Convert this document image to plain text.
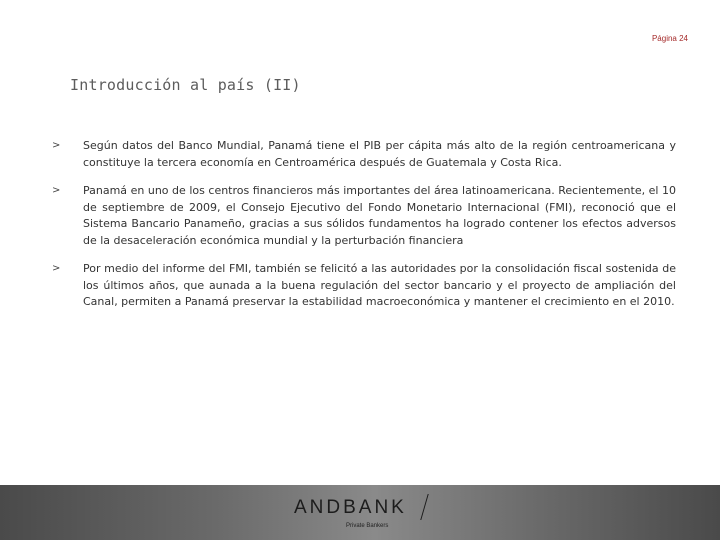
Página 24
Introducción al país (II)
>	Según datos del Banco Mundial, Panamá tiene el PIB per cápita más alto de la región centroamericana y constituye la tercera economía en Centroamérica después de Guatemala y Costa Rica.
>	Panamá en uno de los centros financieros más importantes del área latinoamericana. Recientemente, el 10 de septiembre de 2009, el Consejo Ejecutivo del Fondo Monetario Internacional (FMI), reconoció que el Sistema Bancario Panameño, gracias a sus sólidos fundamentos ha logrado contener los efectos adversos de la desaceleración económica mundial y la perturbación financiera
>	Por medio del informe del FMI, también se felicitó a las autoridades por la consolidación fiscal sostenida de los últimos años, que aunada a la buena regulación del sector bancario y el proyecto de ampliación del Canal, permiten a Panamá preservar la estabilidad macroeconómica y mantener el crecimiento en el 2010.
ANDBANK
Private Bankers
